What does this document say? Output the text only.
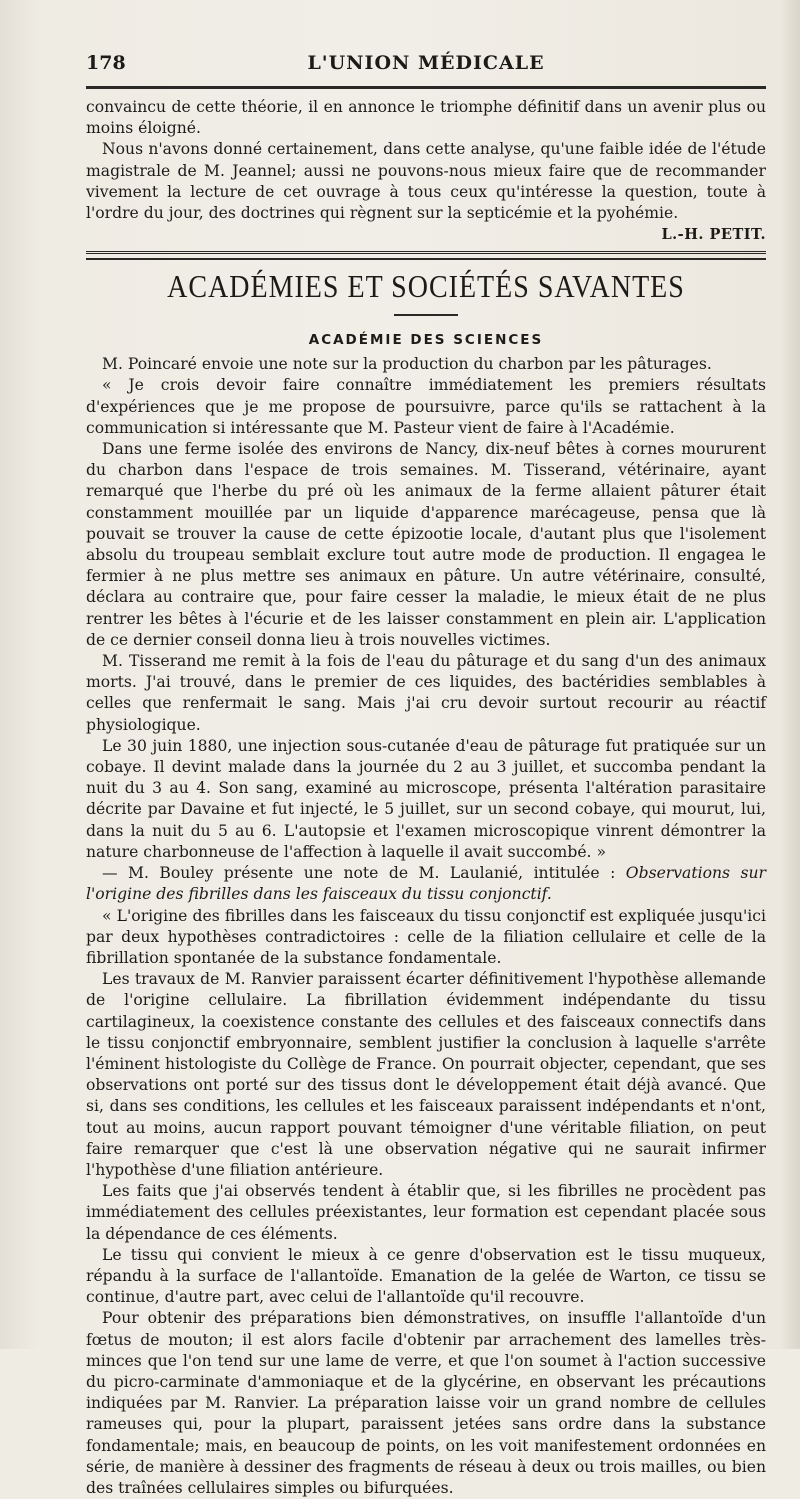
178	L'UNION MÉDICALE

convaincu de cette théorie, il en annonce le triomphe définitif dans un avenir plus ou moins éloigné.

Nous n'avons donné certainement, dans cette analyse, qu'une faible idée de l'étude magistrale de M. Jeannel; aussi ne pouvons-nous mieux faire que de recommander vivement la lecture de cet ouvrage à tous ceux qu'intéresse la question, toute à l'ordre du jour, des doctrines qui règnent sur la septicémie et la pyohémie.

L.-H. PETIT.
ACADÉMIES ET SOCIÉTÉS SAVANTES
ACADÉMIE DES SCIENCES

M. Poincaré envoie une note sur la production du charbon par les pâturages.

« Je crois devoir faire connaître immédiatement les premiers résultats d'expériences que je me propose de poursuivre, parce qu'ils se rattachent à la communication si intéressante que M. Pasteur vient de faire à l'Académie.

Dans une ferme isolée des environs de Nancy, dix-neuf bêtes à cornes moururent du charbon dans l'espace de trois semaines. M. Tisserand, vétérinaire, ayant remarqué que l'herbe du pré où les animaux de la ferme allaient pâturer était constamment mouillée par un liquide d'apparence marécageuse, pensa que là pouvait se trouver la cause de cette épizootie locale, d'autant plus que l'isolement absolu du troupeau semblait exclure tout autre mode de production. Il engagea le fermier à ne plus mettre ses animaux en pâture. Un autre vétérinaire, consulté, déclara au contraire que, pour faire cesser la maladie, le mieux était de ne plus rentrer les bêtes à l'écurie et de les laisser constamment en plein air. L'application de ce dernier conseil donna lieu à trois nouvelles victimes.

M. Tisserand me remit à la fois de l'eau du pâturage et du sang d'un des animaux morts. J'ai trouvé, dans le premier de ces liquides, des bactéridies semblables à celles que renfermait le sang. Mais j'ai cru devoir surtout recourir au réactif physiologique.

Le 30 juin 1880, une injection sous-cutanée d'eau de pâturage fut pratiquée sur un cobaye. Il devint malade dans la journée du 2 au 3 juillet, et succomba pendant la nuit du 3 au 4. Son sang, examiné au microscope, présenta l'altération parasitaire décrite par Davaine et fut injecté, le 5 juillet, sur un second cobaye, qui mourut, lui, dans la nuit du 5 au 6. L'autopsie et l'examen microscopique vinrent démontrer la nature charbonneuse de l'affection à laquelle il avait succombé. »

— M. Bouley présente une note de M. Laulanié, intitulée : Observations sur l'origine des fibrilles dans les faisceaux du tissu conjonctif.

« L'origine des fibrilles dans les faisceaux du tissu conjonctif est expliquée jusqu'ici par deux hypothèses contradictoires : celle de la filiation cellulaire et celle de la fibrillation spontanée de la substance fondamentale.

Les travaux de M. Ranvier paraissent écarter définitivement l'hypothèse allemande de l'origine cellulaire. La fibrillation évidemment indépendante du tissu cartilagineux, la coexistence constante des cellules et des faisceaux connectifs dans le tissu conjonctif embryonnaire, semblent justifier la conclusion à laquelle s'arrête l'éminent histologiste du Collège de France. On pourrait objecter, cependant, que ses observations ont porté sur des tissus dont le développement était déjà avancé. Que si, dans ses conditions, les cellules et les faisceaux paraissent indépendants et n'ont, tout au moins, aucun rapport pouvant témoigner d'une véritable filiation, on peut faire remarquer que c'est là une observation négative qui ne saurait infirmer l'hypothèse d'une filiation antérieure.

Les faits que j'ai observés tendent à établir que, si les fibrilles ne procèdent pas immédiatement des cellules préexistantes, leur formation est cependant placée sous la dépendance de ces éléments.

Le tissu qui convient le mieux à ce genre d'observation est le tissu muqueux, répandu à la surface de l'allantoïde. Emanation de la gelée de Warton, ce tissu se continue, d'autre part, avec celui de l'allantoïde qu'il recouvre.

Pour obtenir des préparations bien démonstratives, on insuffle l'allantoïde d'un fœtus de mouton; il est alors facile d'obtenir par arrachement des lamelles très-minces que l'on tend sur une lame de verre, et que l'on soumet à l'action successive du picro-carminate d'ammoniaque et de la glycérine, en observant les précautions indiquées par M. Ranvier. La préparation laisse voir un grand nombre de cellules rameuses qui, pour la plupart, paraissent jetées sans ordre dans la substance fondamentale; mais, en beaucoup de points, on les voit manifestement ordonnées en série, de manière à dessiner des fragments de réseau à deux ou trois mailles, ou bien des traînées cellulaires simples ou bifurquées.
